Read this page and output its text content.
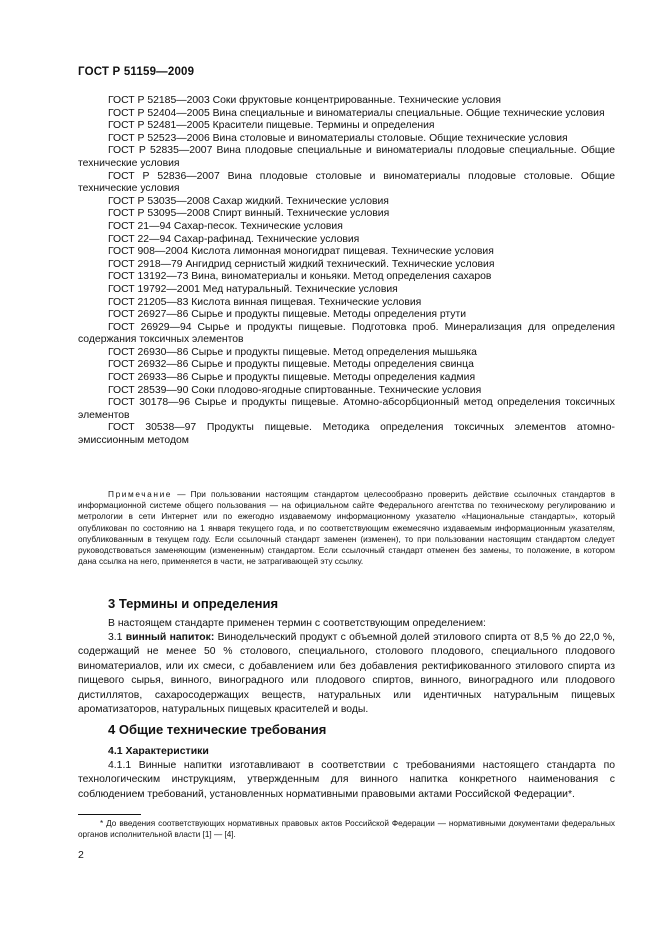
ГОСТ Р 51159—2009

ГОСТ Р 52185—2003 Соки фруктовые концентрированные. Технические условия

ГОСТ Р 52404—2005 Вина специальные и виноматериалы специальные. Общие технические условия

ГОСТ Р 52481—2005 Красители пищевые. Термины и определения

ГОСТ Р 52523—2006 Вина столовые и виноматериалы столовые. Общие технические условия

ГОСТ Р 52835—2007 Вина плодовые специальные и виноматериалы плодовые специальные. Общие технические условия

ГОСТ Р 52836—2007 Вина плодовые столовые и виноматериалы плодовые столовые. Общие технические условия

ГОСТ Р 53035—2008 Сахар жидкий. Технические условия

ГОСТ Р 53095—2008 Спирт винный. Технические условия

ГОСТ 21—94 Сахар-песок. Технические условия

ГОСТ 22—94 Сахар-рафинад. Технические условия

ГОСТ 908—2004 Кислота лимонная моногидрат пищевая. Технические условия

ГОСТ 2918—79 Ангидрид сернистый жидкий технический. Технические условия

ГОСТ 13192—73 Вина, виноматериалы и коньяки. Метод определения сахаров

ГОСТ 19792—2001 Мед натуральный. Технические условия

ГОСТ 21205—83 Кислота винная пищевая. Технические условия

ГОСТ 26927—86 Сырье и продукты пищевые. Методы определения ртути

ГОСТ 26929—94 Сырье и продукты пищевые. Подготовка проб. Минерализация для определения содержания токсичных элементов

ГОСТ 26930—86 Сырье и продукты пищевые. Метод определения мышьяка

ГОСТ 26932—86 Сырье и продукты пищевые. Методы определения свинца

ГОСТ 26933—86 Сырье и продукты пищевые. Методы определения кадмия

ГОСТ 28539—90 Соки плодово-ягодные спиртованные. Технические условия

ГОСТ 30178—96 Сырье и продукты пищевые. Атомно-абсорбционный метод определения токсичных элементов

ГОСТ 30538—97 Продукты пищевые. Методика определения токсичных элементов атомно-эмиссионным методом

Примечание — При пользовании настоящим стандартом целесообразно проверить действие ссылочных стандартов в информационной системе общего пользования — на официальном сайте Федерального агентства по техническому регулированию и метрологии в сети Интернет или по ежегодно издаваемому информационному указателю «Национальные стандарты», который опубликован по состоянию на 1 января текущего года, и по соответствующим ежемесячно издаваемым информационным указателям, опубликованным в текущем году. Если ссылочный стандарт заменен (изменен), то при пользовании настоящим стандартом следует руководствоваться заменяющим (измененным) стандартом. Если ссылочный стандарт отменен без замены, то положение, в котором дана ссылка на него, применяется в части, не затрагивающей эту ссылку.

3 Термины и определения

В настоящем стандарте применен термин с соответствующим определением:

3.1 винный напиток: Винодельческий продукт с объемной долей этилового спирта от 8,5 % до 22,0 %, содержащий не менее 50 % столового, специального, столового плодового, специального плодового виноматериалов, или их смеси, с добавлением или без добавления ректификованного этилового спирта из пищевого сырья, винного, виноградного или плодового спиртов, винного, виноградного или плодового дистиллятов, сахаросодержащих веществ, натуральных или идентичных натуральным пищевых ароматизаторов, натуральных пищевых красителей и воды.

4 Общие технические требования
4.1 Характеристики

4.1.1 Винные напитки изготавливают в соответствии с требованиями настоящего стандарта по технологическим инструкциям, утвержденным для винного напитка конкретного наименования с соблюдением требований, установленных нормативными правовыми актами Российской Федерации*.

* До введения соответствующих нормативных правовых актов Российской Федерации — нормативными документами федеральных органов исполнительной власти [1] — [4].

2
